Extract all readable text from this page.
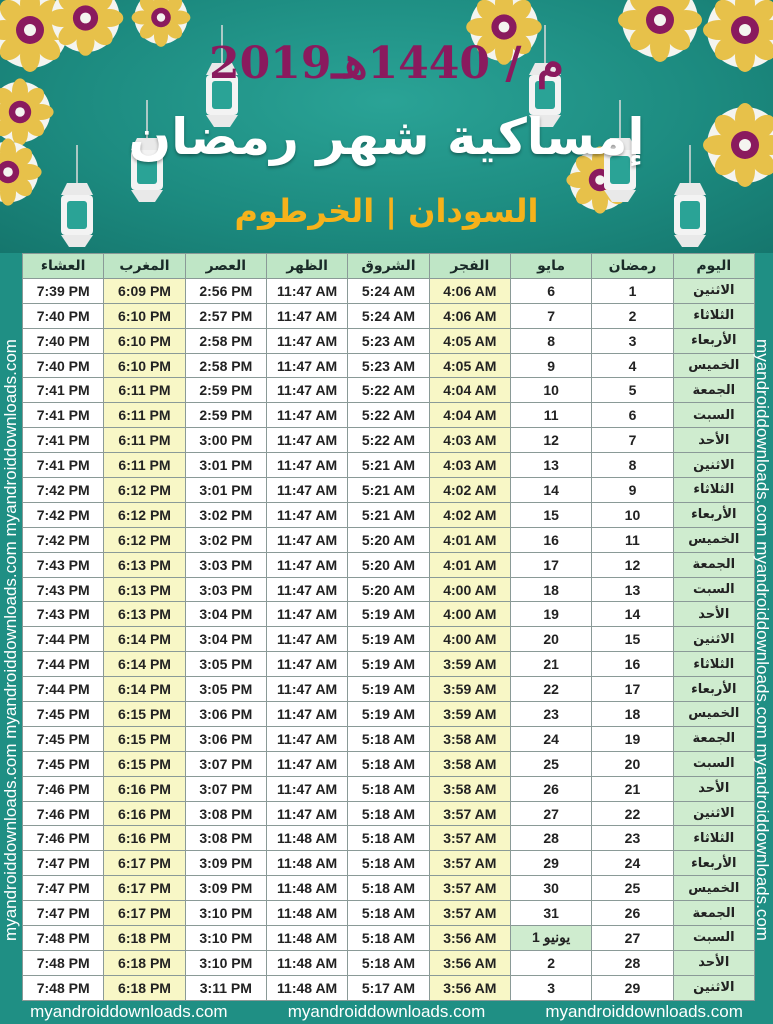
2019م / 1440هـ
إمساكية شهر رمضان
السودان | الخرطوم
العشاء	المغرب	العصر	الظهر	الشروق	الفجر	مايو	رمضان	اليوم
7:39 PM	6:09 PM	2:56 PM	11:47 AM	5:24 AM	4:06 AM	6	1	الاثنين
7:40 PM	6:10 PM	2:57 PM	11:47 AM	5:24 AM	4:06 AM	7	2	الثلاثاء
7:40 PM	6:10 PM	2:58 PM	11:47 AM	5:23 AM	4:05 AM	8	3	الأربعاء
7:40 PM	6:10 PM	2:58 PM	11:47 AM	5:23 AM	4:05 AM	9	4	الخميس
7:41 PM	6:11 PM	2:59 PM	11:47 AM	5:22 AM	4:04 AM	10	5	الجمعة
7:41 PM	6:11 PM	2:59 PM	11:47 AM	5:22 AM	4:04 AM	11	6	السبت
7:41 PM	6:11 PM	3:00 PM	11:47 AM	5:22 AM	4:03 AM	12	7	الأحد
7:41 PM	6:11 PM	3:01 PM	11:47 AM	5:21 AM	4:03 AM	13	8	الاثنين
7:42 PM	6:12 PM	3:01 PM	11:47 AM	5:21 AM	4:02 AM	14	9	الثلاثاء
7:42 PM	6:12 PM	3:02 PM	11:47 AM	5:21 AM	4:02 AM	15	10	الأربعاء
7:42 PM	6:12 PM	3:02 PM	11:47 AM	5:20 AM	4:01 AM	16	11	الخميس
7:43 PM	6:13 PM	3:03 PM	11:47 AM	5:20 AM	4:01 AM	17	12	الجمعة
7:43 PM	6:13 PM	3:03 PM	11:47 AM	5:20 AM	4:00 AM	18	13	السبت
7:43 PM	6:13 PM	3:04 PM	11:47 AM	5:19 AM	4:00 AM	19	14	الأحد
7:44 PM	6:14 PM	3:04 PM	11:47 AM	5:19 AM	4:00 AM	20	15	الاثنين
7:44 PM	6:14 PM	3:05 PM	11:47 AM	5:19 AM	3:59 AM	21	16	الثلاثاء
7:44 PM	6:14 PM	3:05 PM	11:47 AM	5:19 AM	3:59 AM	22	17	الأربعاء
7:45 PM	6:15 PM	3:06 PM	11:47 AM	5:19 AM	3:59 AM	23	18	الخميس
7:45 PM	6:15 PM	3:06 PM	11:47 AM	5:18 AM	3:58 AM	24	19	الجمعة
7:45 PM	6:15 PM	3:07 PM	11:47 AM	5:18 AM	3:58 AM	25	20	السبت
7:46 PM	6:16 PM	3:07 PM	11:47 AM	5:18 AM	3:58 AM	26	21	الأحد
7:46 PM	6:16 PM	3:08 PM	11:47 AM	5:18 AM	3:57 AM	27	22	الاثنين
7:46 PM	6:16 PM	3:08 PM	11:48 AM	5:18 AM	3:57 AM	28	23	الثلاثاء
7:47 PM	6:17 PM	3:09 PM	11:48 AM	5:18 AM	3:57 AM	29	24	الأربعاء
7:47 PM	6:17 PM	3:09 PM	11:48 AM	5:18 AM	3:57 AM	30	25	الخميس
7:47 PM	6:17 PM	3:10 PM	11:48 AM	5:18 AM	3:57 AM	31	26	الجمعة
7:48 PM	6:18 PM	3:10 PM	11:48 AM	5:18 AM	3:56 AM	1 يونيو	27	السبت
7:48 PM	6:18 PM	3:10 PM	11:48 AM	5:18 AM	3:56 AM	2	28	الأحد
7:48 PM	6:18 PM	3:11 PM	11:48 AM	5:17 AM	3:56 AM	3	29	الاثنين
myandroiddownloads.com myandroiddownloads.com myandroiddownloads.com	myandroiddownloads.com myandroiddownloads.com myandroiddownloads.com
myandroiddownloads.com	myandroiddownloads.com	myandroiddownloads.com
